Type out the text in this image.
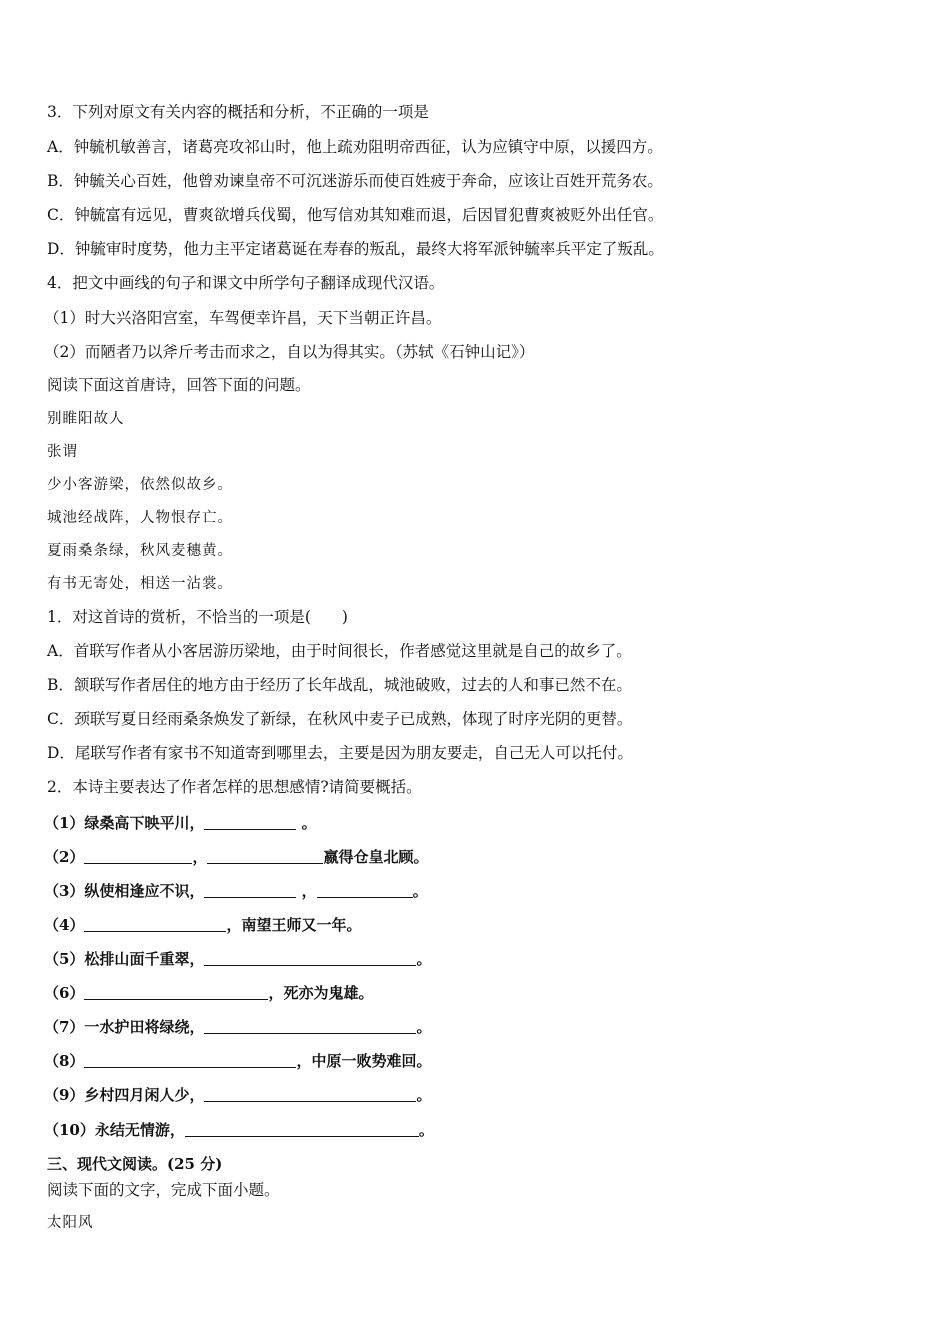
3．下列对原文有关内容的概括和分析，不正确的一项是
A．钟毓机敏善言，诸葛亮攻祁山时，他上疏劝阻明帝西征，认为应镇守中原，以援四方。
B．钟毓关心百姓，他曾劝谏皇帝不可沉迷游乐而使百姓疲于奔命，应该让百姓开荒务农。
C．钟毓富有远见，曹爽欲增兵伐蜀，他写信劝其知难而退，后因冒犯曹爽被贬外出任官。
D．钟毓审时度势，他力主平定诸葛诞在寿春的叛乱，最终大将军派钟毓率兵平定了叛乱。
4．把文中画线的句子和课文中所学句子翻译成现代汉语。
（1）时大兴洛阳宫室，车驾便幸许昌，天下当朝正许昌。
（2）而陋者乃以斧斤考击而求之，自以为得其实。（苏轼《石钟山记》）
阅读下面这首唐诗，回答下面的问题。
别睢阳故人
张谓
少小客游梁，依然似故乡。
城池经战阵，人物恨存亡。
夏雨桑条绿，秋风麦穗黄。
有书无寄处，相送一沾裳。
1．对这首诗的赏析，不恰当的一项是(　　)
A．首联写作者从小客居游历梁地，由于时间很长，作者感觉这里就是自己的故乡了。
B．颔联写作者居住的地方由于经历了长年战乱，城池破败，过去的人和事已然不在。
C．颈联写夏日经雨桑条焕发了新绿，在秋风中麦子已成熟，体现了时序光阴的更替。
D．尾联写作者有家书不知道寄到哪里去，主要是因为朋友要走，自己无人可以托付。
2．本诗主要表达了作者怎样的思想感情?请简要概括。
（1）绿桑高下映平川，	。
（2）	，	嬴得仓皇北顾。
（3）纵使相逢应不识，	，	。
（4）	，南望王师又一年。
（5）松排山面千重翠，	。
（6）	，死亦为鬼雄。
（7）一水护田将绿绕，	。
（8）	，中原一败势难回。
（9）乡村四月闲人少，	。
（10）永结无情游，	。
三、现代文阅读。(25 分)
阅读下面的文字，完成下面小题。
太阳风
